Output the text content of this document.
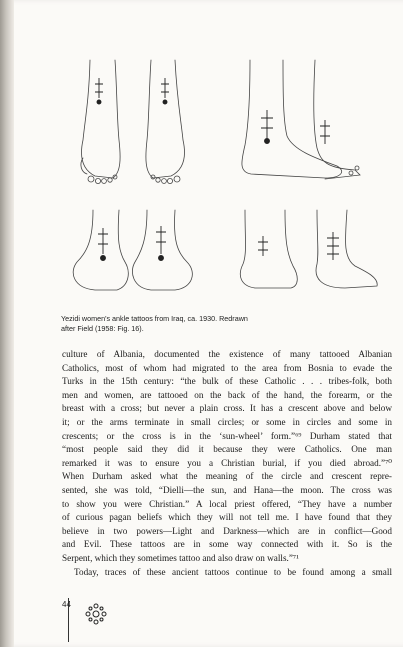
Yezidi women's ankle tattoos from Iraq, ca. 1930. Redrawn
after Field (1958: Fig. 16).
culture of Albania, documented the existence of many tattooed Albanian
Catholics, most of whom had migrated to the area from Bosnia to evade the
Turks in the 15th century: “the bulk of these Catholic . . . tribes-folk, both
men and women, are tattooed on the back of the hand, the forearm, or the
breast with a cross; but never a plain cross. It has a crescent above and below
it; or the arms terminate in small circles; or some in circles and some in
crescents; or the cross is in the ‘sun-wheel’ form.”⁶⁹ Durham stated that
“most people said they did it because they were Catholics. One man
remarked it was to ensure you a Christian burial, if you died abroad.”⁷⁰
When Durham asked what the meaning of the circle and crescent repre-
sented, she was told, “Dielli—the sun, and Hana—the moon. The cross was
to show you were Christian.” A local priest offered, “They have a number
of curious pagan beliefs which they will not tell me. I have found that they
believe in two powers—Light and Darkness—which are in conflict—Good
and Evil. These tattoos are in some way connected with it. So is the
Serpent, which they sometimes tattoo and also draw on walls.”⁷¹
Today, traces of these ancient tattoos continue to be found among a small
44
